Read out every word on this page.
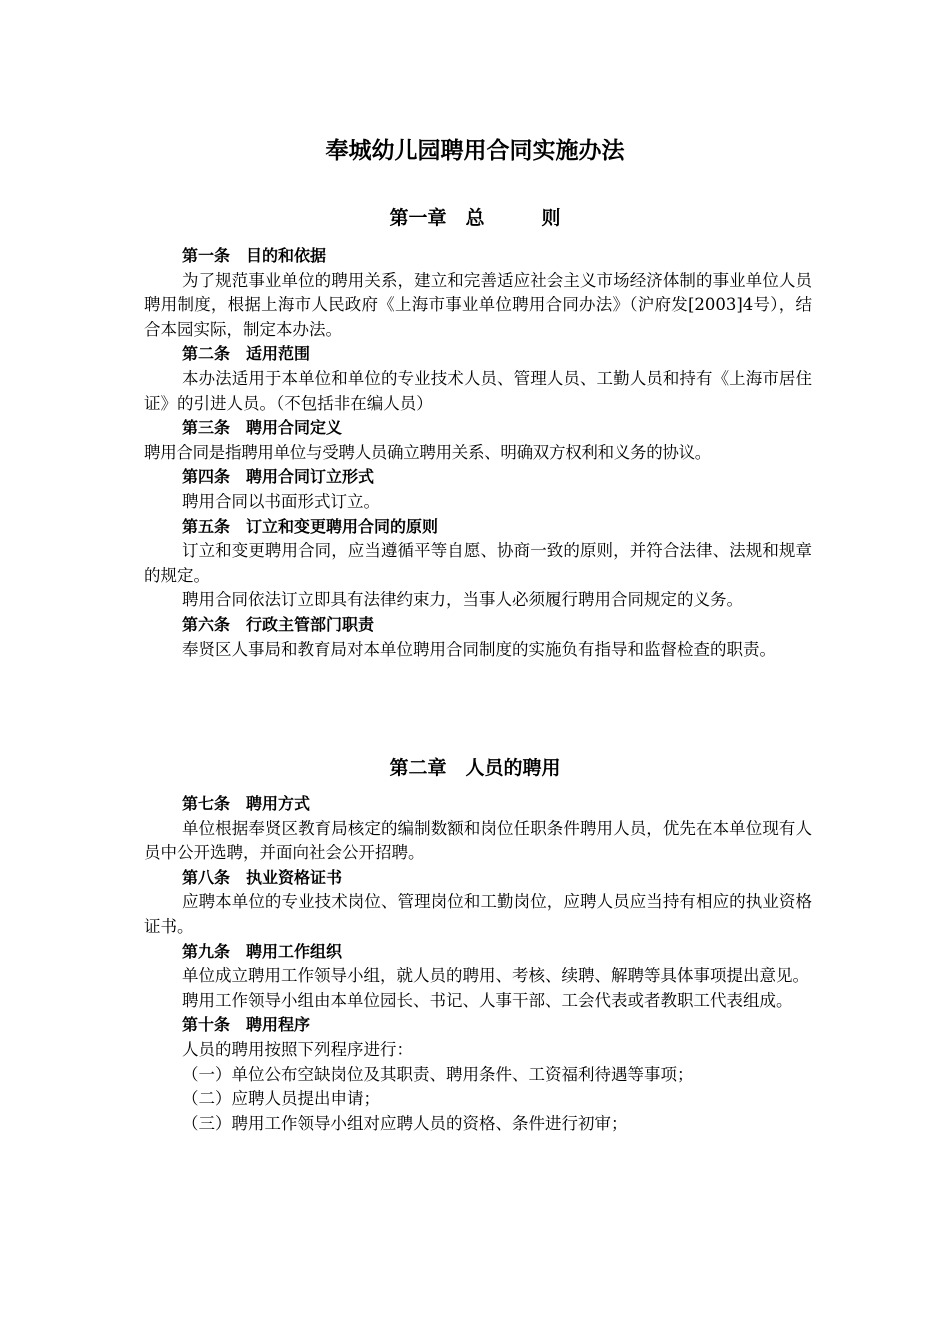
奉城幼儿园聘用合同实施办法
第一章　总　　　则
第一条　目的和依据

为了规范事业单位的聘用关系，建立和完善适应社会主义市场经济体制的事业单位人员聘用制度，根据上海市人民政府《上海市事业单位聘用合同办法》（沪府发[2003]4号），结合本园实际，制定本办法。

第二条　适用范围

本办法适用于本单位和单位的专业技术人员、管理人员、工勤人员和持有《上海市居住证》的引进人员。（不包括非在编人员）

第三条　聘用合同定义

聘用合同是指聘用单位与受聘人员确立聘用关系、明确双方权利和义务的协议。

第四条　聘用合同订立形式

聘用合同以书面形式订立。

第五条　订立和变更聘用合同的原则

订立和变更聘用合同，应当遵循平等自愿、协商一致的原则，并符合法律、法规和规章的规定。

聘用合同依法订立即具有法律约束力，当事人必须履行聘用合同规定的义务。

第六条　行政主管部门职责

奉贤区人事局和教育局对本单位聘用合同制度的实施负有指导和监督检查的职责。

第二章　人员的聘用
第七条　聘用方式

单位根据奉贤区教育局核定的编制数额和岗位任职条件聘用人员，优先在本单位现有人员中公开选聘，并面向社会公开招聘。

第八条　执业资格证书

应聘本单位的专业技术岗位、管理岗位和工勤岗位，应聘人员应当持有相应的执业资格证书。

第九条　聘用工作组织

单位成立聘用工作领导小组，就人员的聘用、考核、续聘、解聘等具体事项提出意见。

聘用工作领导小组由本单位园长、书记、人事干部、工会代表或者教职工代表组成。

第十条　聘用程序

人员的聘用按照下列程序进行：

（一）单位公布空缺岗位及其职责、聘用条件、工资福利待遇等事项；

（二）应聘人员提出申请；

（三）聘用工作领导小组对应聘人员的资格、条件进行初审；
